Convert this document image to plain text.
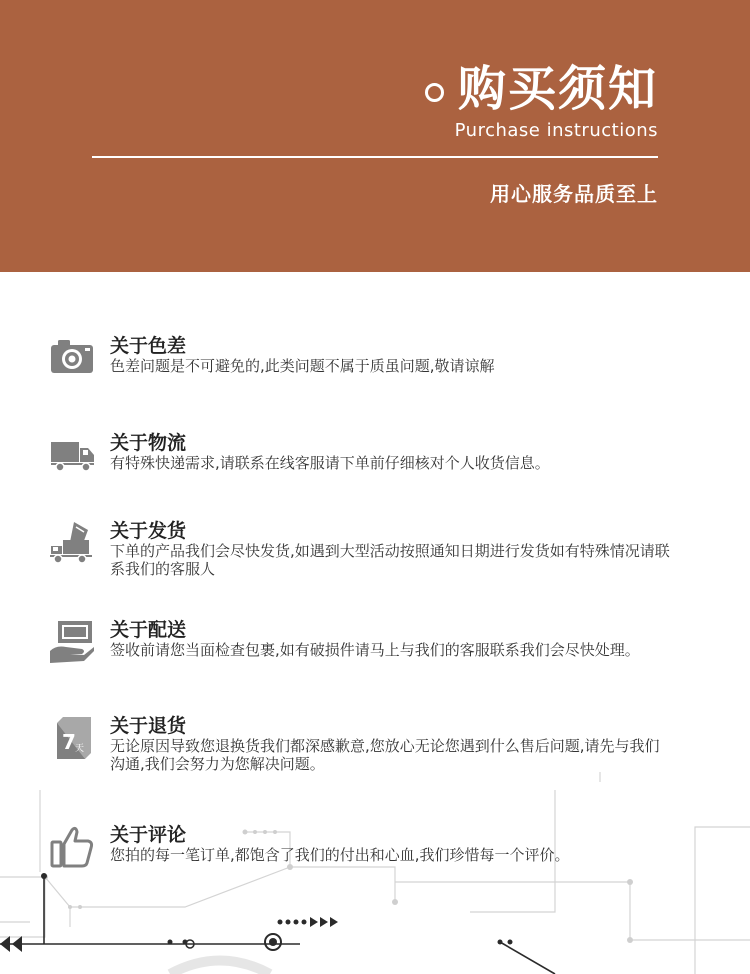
购买须知
Purchase instructions
用心服务品质至上
关于色差
色差问题是不可避免的,此类问题不属于质虽问题,敬请谅解
关于物流
有特殊快递需求,请联系在线客服请下单前仔细核对个人收货信息。
关于发货
下单的产品我们会尽快发货,如遇到大型活动按照通知日期进行发货如有特殊情况请联系我们的客服人
关于配送
签收前请您当面检查包裹,如有破损件请马上与我们的客服联系我们会尽快处理。
7 天
关于退货
无论原因导致您退换货我们都深感歉意,您放心无论您遇到什么售后问题,请先与我们沟通,我们会努力为您解决问题。
关于评论
您拍的每一笔订单,都饱含了我们的付出和心血,我们珍惜每一个评价。
